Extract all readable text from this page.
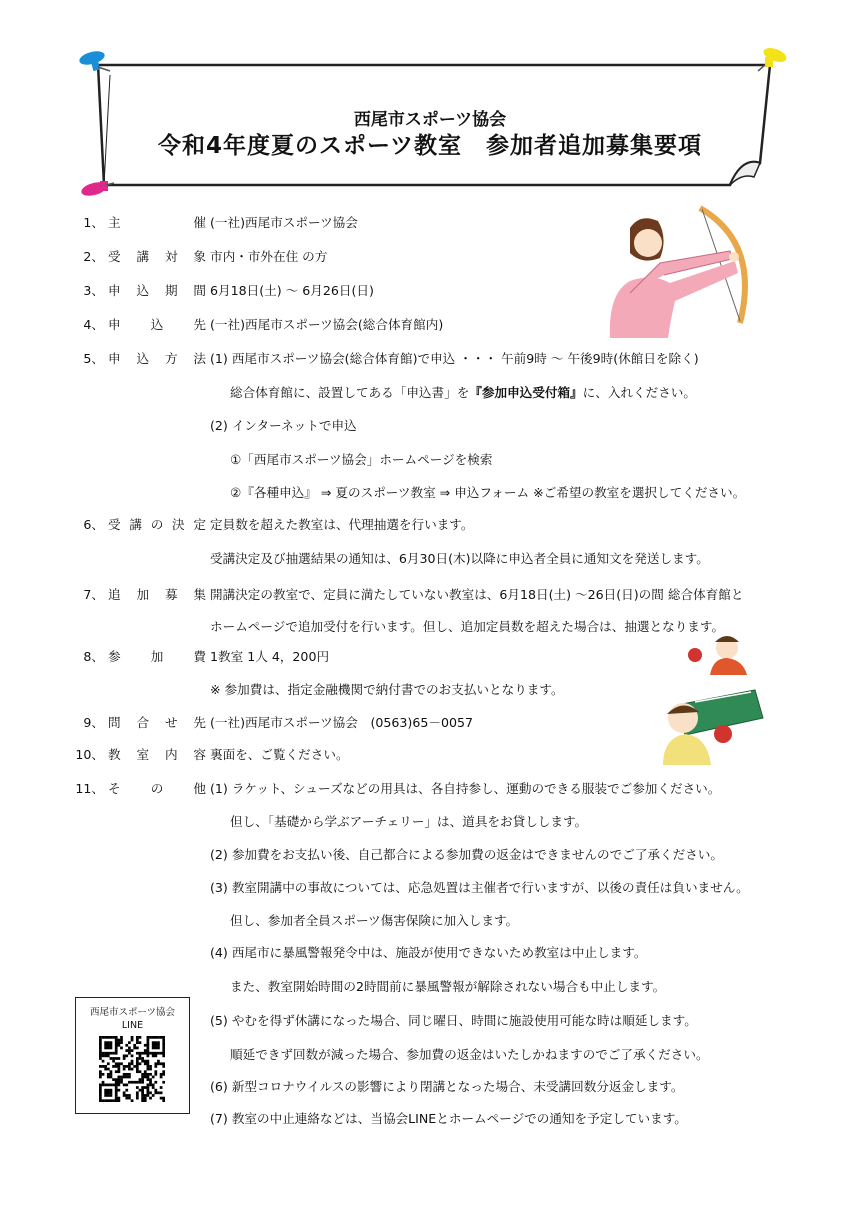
西尾市スポーツ協会
令和4年度夏のスポーツ教室　参加者追加募集要項
1、 主	催 (一社)西尾市スポーツ協会
2、 受 講 対 象 市内・市外在住 の方
3、 申 込 期 間 6月18日(土) ～ 6月26日(日)
4、 申 込 先 (一社)西尾市スポーツ協会(総合体育館内)
5、 申 込 方 法 (1) 西尾市スポーツ協会(総合体育館)で申込 ・・・ 午前9時 ～ 午後9時(休館日を除く)
総合体育館に、設置してある「申込書」を『参加申込受付箱』に、入れください。
(2) インターネットで申込
①「西尾市スポーツ協会」ホームページを検索
②『各種申込』 ⇒ 夏のスポーツ教室 ⇒ 申込フォーム ※ご希望の教室を選択してください。
6、 受 講 の 決 定 定員数を超えた教室は、代理抽選を行います。
受講決定及び抽選結果の通知は、6月30日(木)以降に申込者全員に通知文を発送します。
7、 追 加 募 集 開講決定の教室で、定員に満たしていない教室は、6月18日(土) ～26日(日)の間 総合体育館と
ホームページで追加受付を行います。但し、追加定員数を超えた場合は、抽選となります。
8、 参 加 費 1教室 1人 4，200円
※ 参加費は、指定金融機関で納付書でのお支払いとなります。
9、 問 合 せ 先 (一社)西尾市スポーツ協会　(0563)65－0057
10、 教 室 内 容 裏面を、ご覧ください。
11、 そ の 他 (1) ラケット、シューズなどの用具は、各自持参し、運動のできる服装でご参加ください。
但し、「基礎から学ぶアーチェリー」は、道具をお貸しします。
(2) 参加費をお支払い後、自己都合による参加費の返金はできませんのでご了承ください。
(3) 教室開講中の事故については、応急処置は主催者で行いますが、以後の責任は負いません。
但し、参加者全員スポーツ傷害保険に加入します。
(4) 西尾市に暴風警報発令中は、施設が使用できないため教室は中止します。
また、教室開始時間の2時間前に暴風警報が解除されない場合も中止します。
(5) やむを得ず休講になった場合、同じ曜日、時間に施設使用可能な時は順延します。
順延できず回数が減った場合、参加費の返金はいたしかねますのでご了承ください。
(6) 新型コロナウイルスの影響により閉講となった場合、未受講回数分返金します。
(7) 教室の中止連絡などは、当協会LINEとホームページでの通知を予定しています。
西尾市スポーツ協会
LINE
